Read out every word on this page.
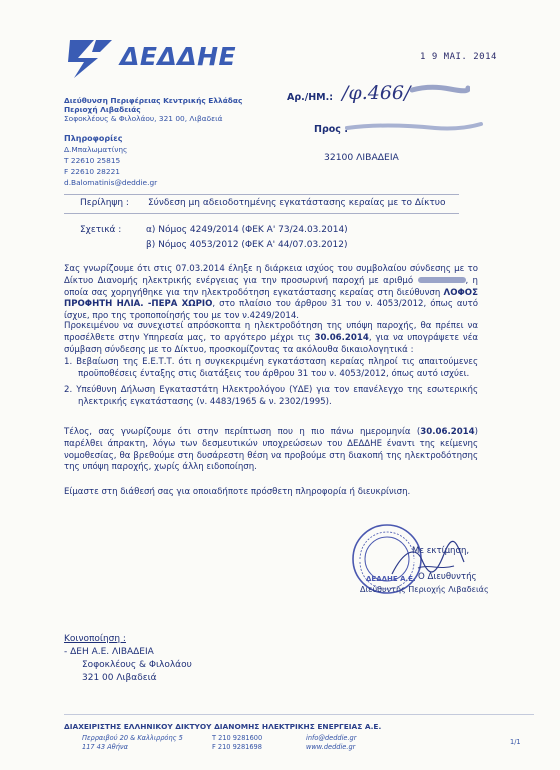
ΔΕΔΔΗΕ
Διεύθυνση Περιφέρειας Κεντρικής Ελλάδας
Περιοχή Λιβαδειάς
Σοφοκλέους & Φιλολάου, 321 00, Λιβαδειά
1 9 MAI. 2014
Αρ./ΗΜ.: /φ.466/
Προς :
32100 ΛΙΒΑΔΕΙΑ
Πληροφορίες
Δ.Μπαλωματίνης
Τ 22610 25815
F 22610 28221
d.Balomatinis@deddie.gr
Περίληψη : Σύνδεση μη αδειοδοτημένης εγκατάστασης κεραίας με το Δίκτυο
Σχετικά :	α) Νόμος 4249/2014 (ΦΕΚ Α' 73/24.03.2014)
β) Νόμος 4053/2012 (ΦΕΚ Α' 44/07.03.2012)
Σας γνωρίζουμε ότι στις 07.03.2014 έληξε η διάρκεια ισχύος του συμβολαίου σύνδεσης με το Δίκτυο Διανομής ηλεκτρικής ενέργειας για την προσωρινή παροχή με αριθμό	, η οποία σας χορηγήθηκε για την ηλεκτροδότηση εγκατάστασης κεραίας στη διεύθυνση ΛΟΦΟΣ ΠΡΟΦΗΤΗ ΗΛΙΑ. -ΠΕΡΑ ΧΩΡΙΟ, στο πλαίσιο του άρθρου 31 του ν. 4053/2012, όπως αυτό ίσχυε, προ της τροποποίησής του με τον ν.4249/2014.
Προκειμένου να συνεχιστεί απρόσκοπτα η ηλεκτροδότηση της υπόψη παροχής, θα πρέπει να προσέλθετε στην Υπηρεσία μας, το αργότερο μέχρι τις 30.06.2014, για να υπογράψετε νέα σύμβαση σύνδεσης με το Δίκτυο, προσκομίζοντας τα ακόλουθα δικαιολογητικά :
1. Βεβαίωση της Ε.Ε.Τ.Τ. ότι η συγκεκριμένη εγκατάσταση κεραίας πληροί τις απαιτούμενες προϋποθέσεις ένταξης στις διατάξεις του άρθρου 31 του ν. 4053/2012, όπως αυτό ισχύει.
2. Υπεύθυνη Δήλωση Εγκαταστάτη Ηλεκτρολόγου (ΥΔΕ) για τον επανέλεγχο της εσωτερικής ηλεκτρικής εγκατάστασης (ν. 4483/1965 & ν. 2302/1995).
Τέλος, σας γνωρίζουμε ότι στην περίπτωση που η πιο πάνω ημερομηνία (30.06.2014) παρέλθει άπρακτη, λόγω των δεσμευτικών υποχρεώσεων του ΔΕΔΔΗΕ έναντι της κείμενης νομοθεσίας, θα βρεθούμε στη δυσάρεστη θέση να προβούμε στη διακοπή της ηλεκτροδότησης της υπόψη παροχής, χωρίς άλλη ειδοποίηση.
Είμαστε στη διάθεσή σας για οποιαδήποτε πρόσθετη πληροφορία ή διευκρίνιση.
ΔΕΔΔΗΕ Α.Ε.
Με εκτίμηση,
Ο Διευθυντής
Διεύθυντής Περιοχής Λιβαδειάς
Κοινοποίηση :
- ΔΕΗ Α.Ε. ΛΙΒΑΔΕΙΑ
Σοφοκλέους & Φιλολάου
321 00 Λιβαδειά
ΔΙΑΧΕΙΡΙΣΤΗΣ ΕΛΛΗΝΙΚΟΥ ΔΙΚΤΥΟΥ ΔΙΑΝΟΜΗΣ ΗΛΕΚΤΡΙΚΗΣ ΕΝΕΡΓΕΙΑΣ Α.Ε.
Περραιβού 20 & Καλλιρρόης 5
117 43 Αθήνα
T 210 9281600
F 210 9281698
info@deddie.gr
www.deddie.gr
1/1
